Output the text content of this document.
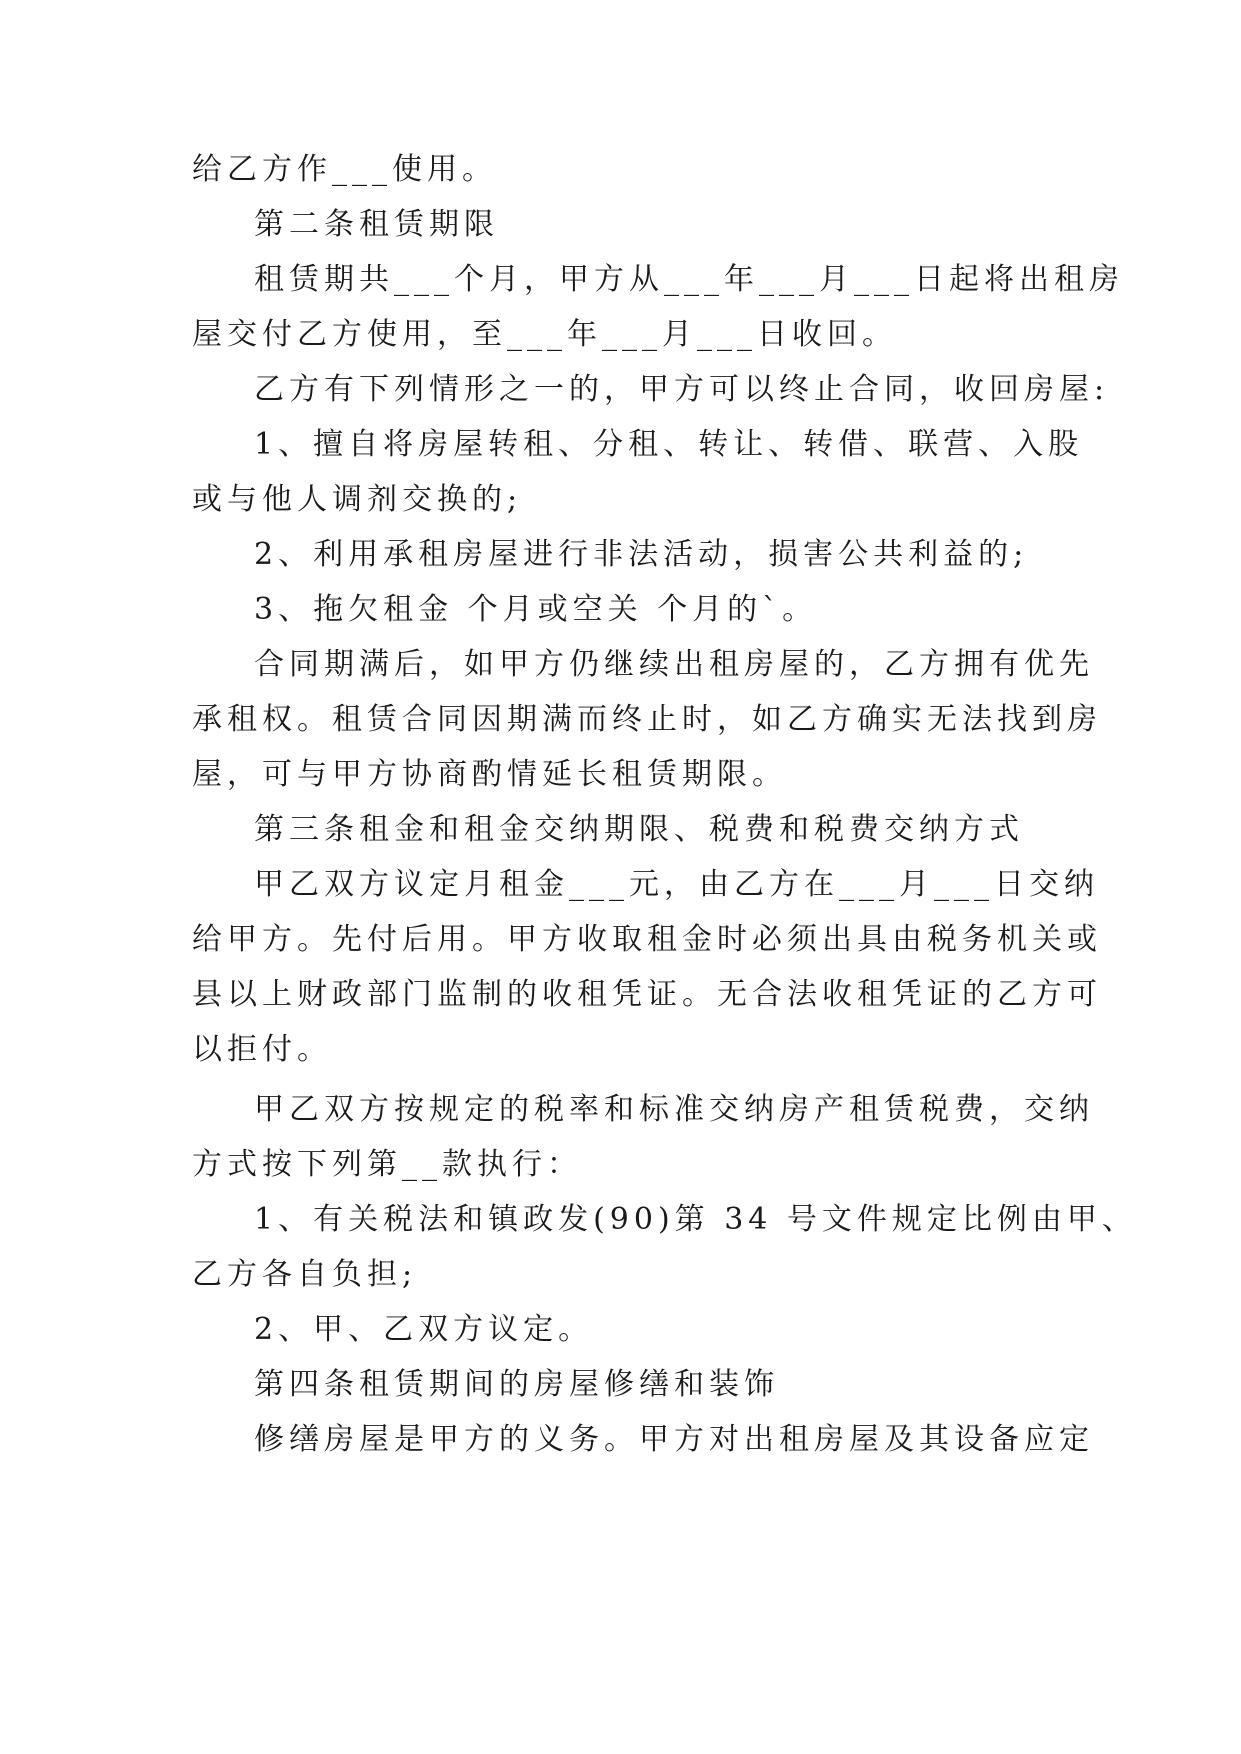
给乙方作___使用。
第二条租赁期限
租赁期共___个月，甲方从___年___月___日起将出租房
屋交付乙方使用，至___年___月___日收回。
乙方有下列情形之一的，甲方可以终止合同，收回房屋:
1、擅自将房屋转租、分租、转让、转借、联营、入股
或与他人调剂交换的;
2、利用承租房屋进行非法活动，损害公共利益的;
3、拖欠租金 个月或空关 个月的`。
合同期满后，如甲方仍继续出租房屋的，乙方拥有优先
承租权。租赁合同因期满而终止时，如乙方确实无法找到房
屋，可与甲方协商酌情延长租赁期限。
第三条租金和租金交纳期限、税费和税费交纳方式
甲乙双方议定月租金___元，由乙方在___月___日交纳
给甲方。先付后用。甲方收取租金时必须出具由税务机关或
县以上财政部门监制的收租凭证。无合法收租凭证的乙方可
以拒付。
甲乙双方按规定的税率和标准交纳房产租赁税费，交纳
方式按下列第__款执行：
1、有关税法和镇政发(90)第 34 号文件规定比例由甲、
乙方各自负担;
2、甲、乙双方议定。
第四条租赁期间的房屋修缮和装饰
修缮房屋是甲方的义务。甲方对出租房屋及其设备应定
